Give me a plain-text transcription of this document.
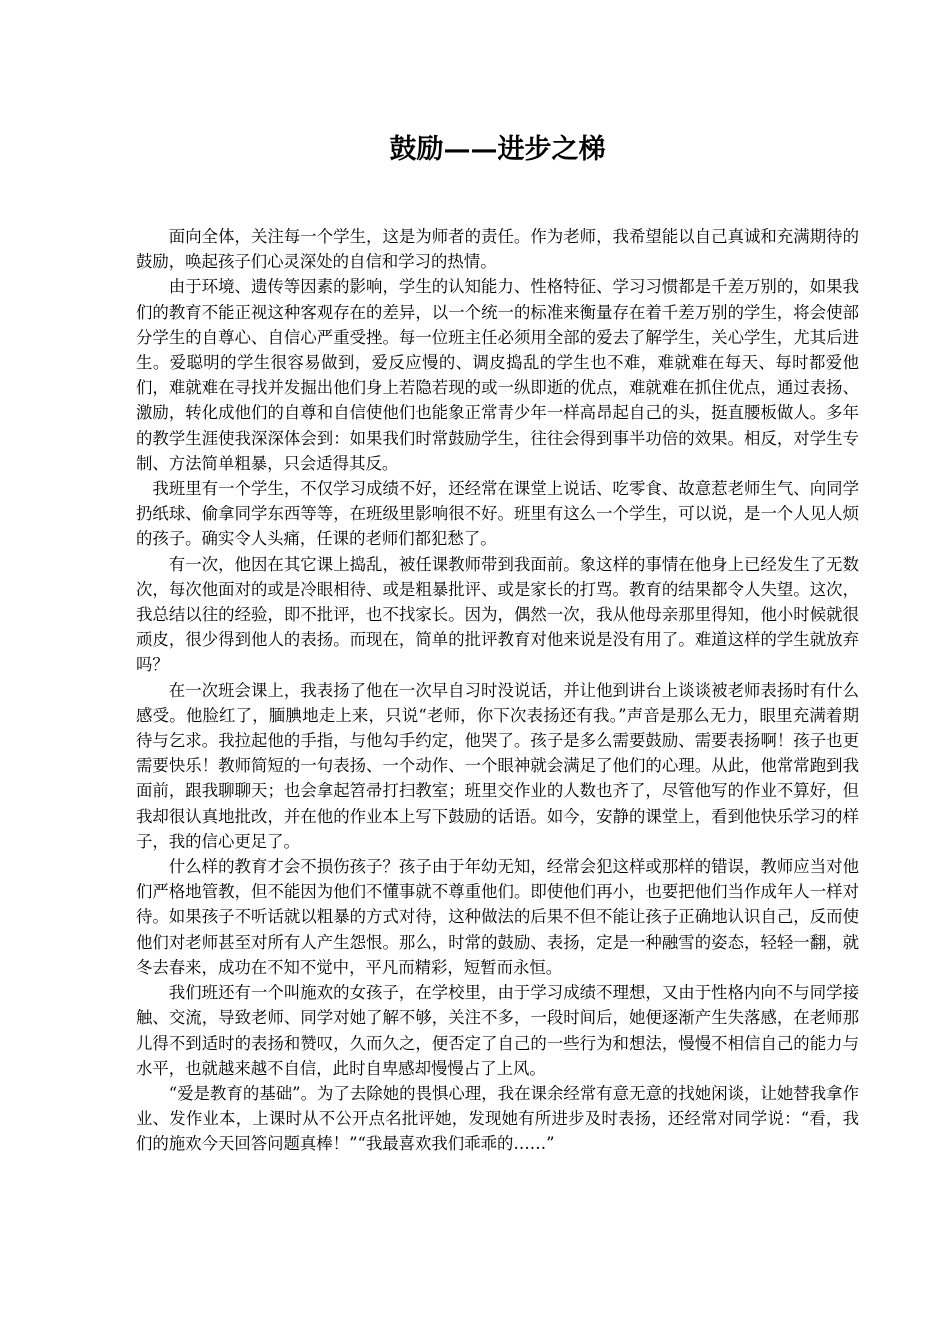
鼓励——进步之梯

面向全体，关注每一个学生，这是为师者的责任。作为老师，我希望能以自己真诚和充满期待的鼓励，唤起孩子们心灵深处的自信和学习的热情。

由于环境、遗传等因素的影响，学生的认知能力、性格特征、学习习惯都是千差万别的，如果我们的教育不能正视这种客观存在的差异，以一个统一的标准来衡量存在着千差万别的学生，将会使部分学生的自尊心、自信心严重受挫。每一位班主任必须用全部的爱去了解学生，关心学生，尤其后进生。爱聪明的学生很容易做到，爱反应慢的、调皮捣乱的学生也不难，难就难在每天、每时都爱他们，难就难在寻找并发掘出他们身上若隐若现的或一纵即逝的优点，难就难在抓住优点，通过表扬、激励，转化成他们的自尊和自信使他们也能象正常青少年一样高昂起自己的头，挺直腰板做人。多年的教学生涯使我深深体会到：如果我们时常鼓励学生，往往会得到事半功倍的效果。相反，对学生专制、方法简单粗暴，只会适得其反。

我班里有一个学生，不仅学习成绩不好，还经常在课堂上说话、吃零食、故意惹老师生气、向同学扔纸球、偷拿同学东西等等，在班级里影响很不好。班里有这么一个学生，可以说，是一个人见人烦的孩子。确实令人头痛，任课的老师们都犯愁了。

有一次，他因在其它课上捣乱，被任课教师带到我面前。象这样的事情在他身上已经发生了无数次，每次他面对的或是冷眼相待、或是粗暴批评、或是家长的打骂。教育的结果都令人失望。这次，我总结以往的经验，即不批评，也不找家长。因为，偶然一次，我从他母亲那里得知，他小时候就很顽皮，很少得到他人的表扬。而现在，简单的批评教育对他来说是没有用了。难道这样的学生就放弃吗？

在一次班会课上，我表扬了他在一次早自习时没说话，并让他到讲台上谈谈被老师表扬时有什么感受。他脸红了，腼腆地走上来，只说“老师，你下次表扬还有我。”声音是那么无力，眼里充满着期待与乞求。我拉起他的手指，与他勾手约定，他哭了。孩子是多么需要鼓励、需要表扬啊！孩子也更需要快乐！教师简短的一句表扬、一个动作、一个眼神就会满足了他们的心理。从此，他常常跑到我面前，跟我聊聊天；也会拿起笤帚打扫教室；班里交作业的人数也齐了，尽管他写的作业不算好，但我却很认真地批改，并在他的作业本上写下鼓励的话语。如今，安静的课堂上，看到他快乐学习的样子，我的信心更足了。

什么样的教育才会不损伤孩子？孩子由于年幼无知，经常会犯这样或那样的错误，教师应当对他们严格地管教，但不能因为他们不懂事就不尊重他们。即使他们再小，也要把他们当作成年人一样对待。如果孩子不听话就以粗暴的方式对待，这种做法的后果不但不能让孩子正确地认识自己，反而使他们对老师甚至对所有人产生怨恨。那么，时常的鼓励、表扬，定是一种融雪的姿态，轻轻一翻，就冬去春来，成功在不知不觉中，平凡而精彩，短暂而永恒。

我们班还有一个叫施欢的女孩子，在学校里，由于学习成绩不理想，又由于性格内向不与同学接触、交流，导致老师、同学对她了解不够，关注不多，一段时间后，她便逐渐产生失落感，在老师那儿得不到适时的表扬和赞叹，久而久之，便否定了自己的一些行为和想法，慢慢不相信自己的能力与水平，也就越来越不自信，此时自卑感却慢慢占了上风。

“爱是教育的基础”。为了去除她的畏惧心理，我在课余经常有意无意的找她闲谈，让她替我拿作业、发作业本，上课时从不公开点名批评她，发现她有所进步及时表扬，还经常对同学说：“看，我们的施欢今天回答问题真棒！”“我最喜欢我们乖乖的……”
